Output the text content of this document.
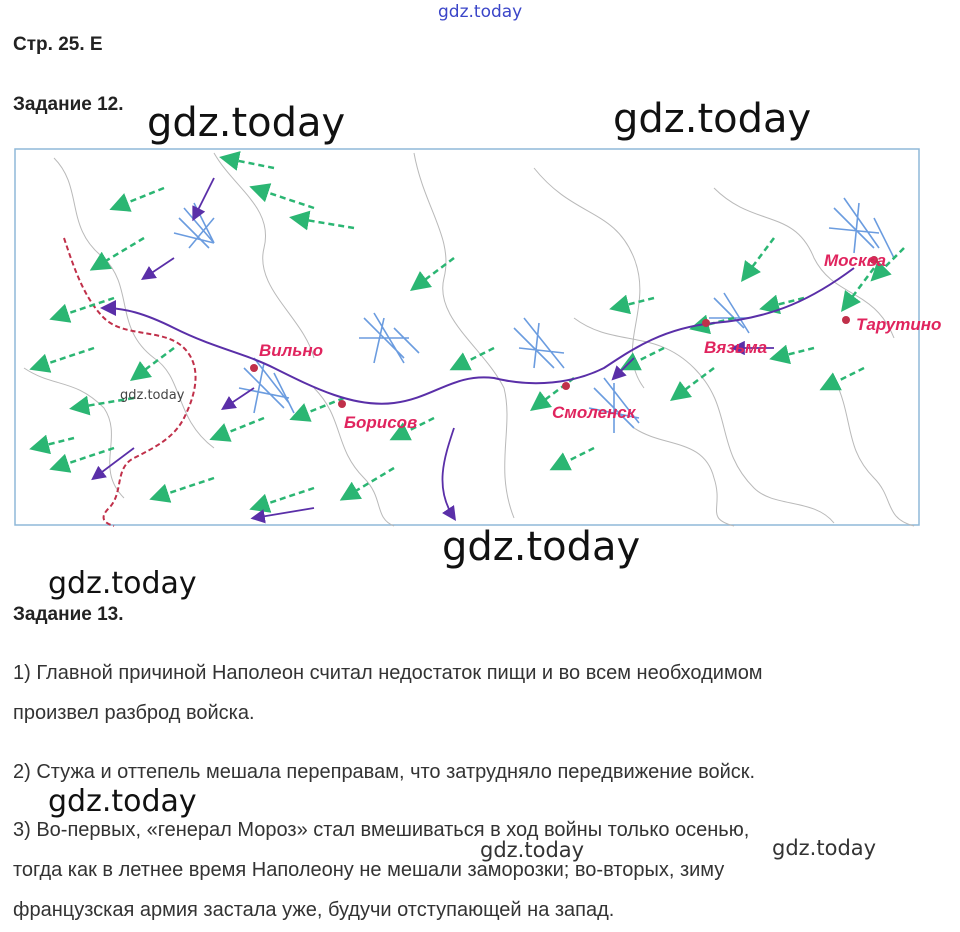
gdz.today
Стр. 25. Е
Задание 12.
Вильно
Борисов
Смоленск
Вязьма
Москва
Тарутино
gdz.today	gdz.today
gdz.today
gdz.today
gdz.today
Задание 13.
1) Главной причиной Наполеон считал недостаток пищи и во всем необходимом
произвел разброд войска.
2) Стужа и оттепель мешала переправам, что затрудняло передвижение войск.
gdz.today
3) Во-первых, «генерал Мороз» стал вмешиваться в ход войны только осенью,
gdz.today	gdz.today
тогда как в летнее время Наполеону не мешали заморозки; во-вторых, зиму
французская армия застала уже, будучи отступающей на запад.
